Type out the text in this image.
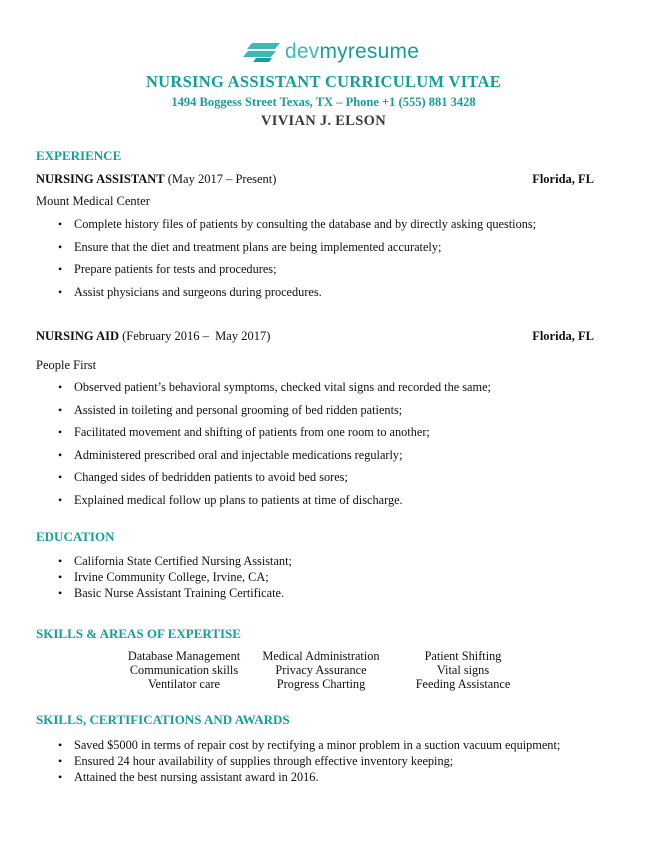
devmyresume
NURSING ASSISTANT CURRICULUM VITAE
1494 Boggess Street Texas, TX – Phone +1 (555) 881 3428
VIVIAN J. ELSON
EXPERIENCE
NURSING ASSISTANT (May 2017 – Present)	Florida, FL
Mount Medical Center
• Complete history files of patients by consulting the database and by directly asking questions;
• Ensure that the diet and treatment plans are being implemented accurately;
• Prepare patients for tests and procedures;
• Assist physicians and surgeons during procedures.
NURSING AID (February 2016 –  May 2017)	Florida, FL
People First
• Observed patient’s behavioral symptoms, checked vital signs and recorded the same;
• Assisted in toileting and personal grooming of bed ridden patients;
• Facilitated movement and shifting of patients from one room to another;
• Administered prescribed oral and injectable medications regularly;
• Changed sides of bedridden patients to avoid bed sores;
• Explained medical follow up plans to patients at time of discharge.
EDUCATION
• California State Certified Nursing Assistant;
• Irvine Community College, Irvine, CA;
• Basic Nurse Assistant Training Certificate.
SKILLS & AREAS OF EXPERTISE
Database Management	Medical Administration	Patient Shifting
Communication skills	Privacy Assurance	Vital signs
Ventilator care	Progress Charting	Feeding Assistance
SKILLS, CERTIFICATIONS AND AWARDS
• Saved $5000 in terms of repair cost by rectifying a minor problem in a suction vacuum equipment;
• Ensured 24 hour availability of supplies through effective inventory keeping;
• Attained the best nursing assistant award in 2016.
